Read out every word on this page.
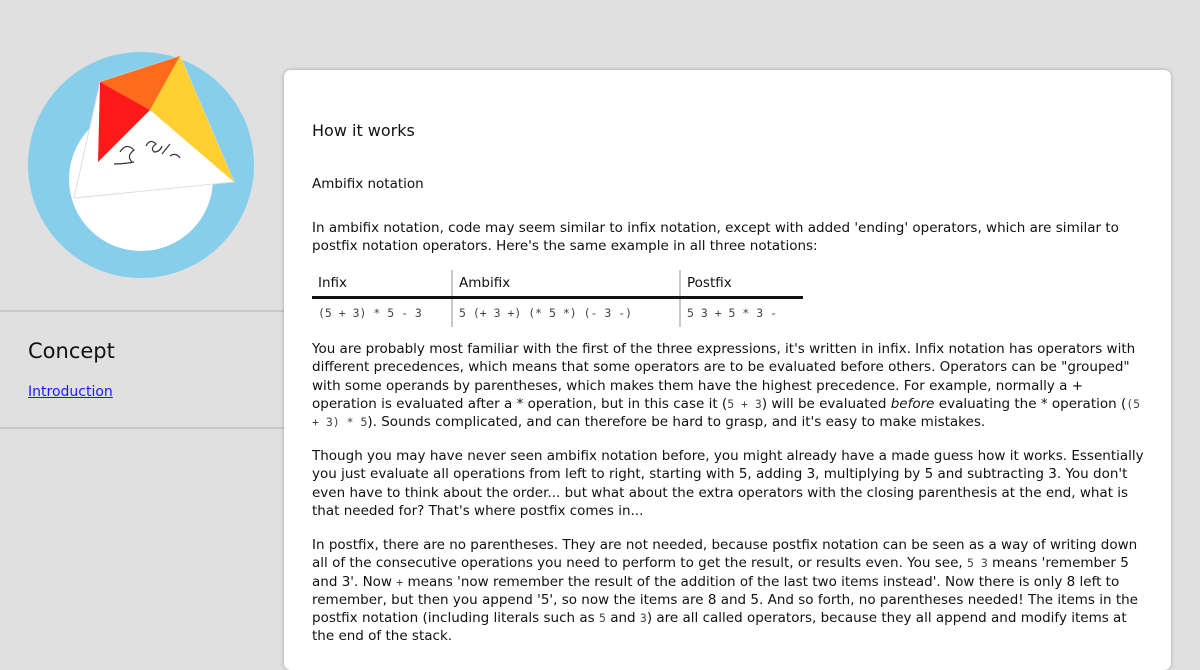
Concept
Introduction
How it works
Ambifix notation

In ambifix notation, code may seem similar to infix notation, except with added 'ending' operators, which are similar to postfix notation operators. Here's the same example in all three notations:

Infix	Ambifix	Postfix
(5 + 3) * 5 - 3	5 (+ 3 +) (* 5 *) (- 3 -)	5 3 + 5 * 3 -

You are probably most familiar with the first of the three expressions, it's written in infix. Infix notation has operators with different precedences, which means that some operators are to be evaluated before others. Operators can be "grouped" with some operands by parentheses, which makes them have the highest precedence. For example, normally a + operation is evaluated after a * operation, but in this case it (5 + 3) will be evaluated before evaluating the * operation ((5 + 3) * 5). Sounds complicated, and can therefore be hard to grasp, and it's easy to make mistakes.

Though you may have never seen ambifix notation before, you might already have a made guess how it works. Essentially you just evaluate all operations from left to right, starting with 5, adding 3, multiplying by 5 and subtracting 3. You don't even have to think about the order... but what about the extra operators with the closing parenthesis at the end, what is that needed for? That's where postfix comes in...

In postfix, there are no parentheses. They are not needed, because postfix notation can be seen as a way of writing down all of the consecutive operations you need to perform to get the result, or results even. You see, 5 3 means 'remember 5 and 3'. Now + means 'now remember the result of the addition of the last two items instead'. Now there is only 8 left to remember, but then you append '5', so now the items are 8 and 5. And so forth, no parentheses needed! The items in the postfix notation (including literals such as 5 and 3) are all called operators, because they all append and modify items at the end of the stack.
